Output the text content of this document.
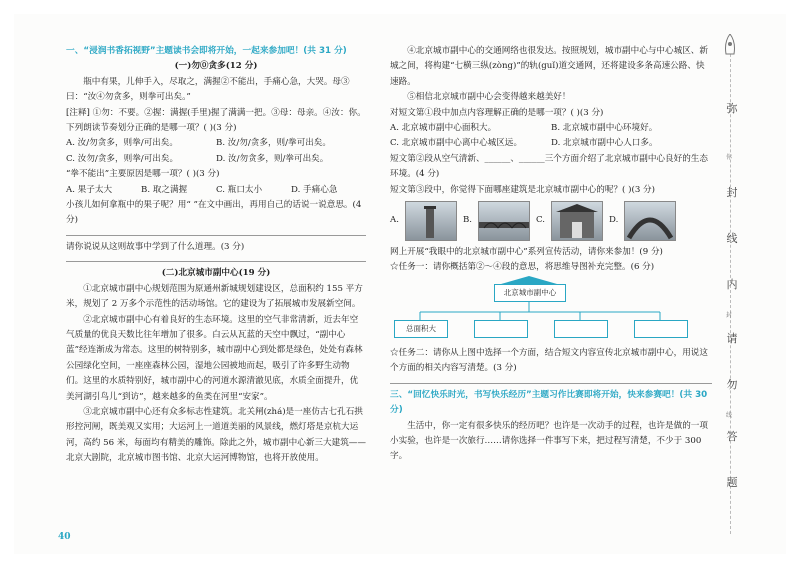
一、“浸润书香拓视野”主题读书会即将开始，一起来参加吧！(共 31 分)

(一)勿⓪贪多(12 分)

瓶中有果，儿伸手入，尽取之，满握②不能出，手痛心急，大哭。母③曰：“汝④勿贪多，则拳可出矣。”

[注释] ①勿：不要。②握：满握(手里)握了满满一把。③母：母亲。④汝：你。

下列朗读节奏划分正确的是哪一项？( )(3 分)

A. 汝/勿贪多，则拳/可出矣。	B. 汝/勿/贪多，则/拳可出矣。
C. 汝勿/贪多，则拳/可出矣。	D. 汝/勿贪多，则/拳可出矣。

“拳不能出”主要原因是哪一项？( )(3 分)

A. 果子太大	B. 取之满握	C. 瓶口太小	D. 手痛心急

小孩儿如何拿瓶中的果子呢？用“ ”在文中画出，再用自己的话说一说意思。(4 分)

请你说说从这则故事中学到了什么道理。(3 分)

(二)北京城市副中心(19 分)

①北京城市副中心规划范围为原通州新城规划建设区，总面积约 155 平方米，规划了 2 万多个示范性的活动场馆。它的建设为了拓展城市发展新空间。

②北京城市副中心有着良好的生态环境。这里的空气非常清新，近去年空气质量的优良天数比往年增加了很多。白云从瓦蓝的天空中飘过，“副中心蓝”经连渐成为常态。这里的树特别多，城市副中心到处都是绿色，处处有森林公园绿化空间，一座座森林公园，湿地公园被地而起，吸引了许多野生动物们。这里的水质特别好，城市副中心的河道水源清澈见底，水质全面提升，优美河湖引鸟儿“到访”，越来越多的鱼类在河里“安家”。

③北京城市副中心还有众多标志性建筑。北关闸(zhá)是一座仿古七孔石拱形控河闸，既美观又实用；大运河上一道道美丽的风景线，燃灯塔是京杭大运河，高约 56 米，每面均有精美的雕饰。除此之外，城市副中心新三大建筑——北京大剧院，北京城市图书馆、北京大运河博物馆，也将开放使用。

④北京城市副中心的交通网络也很发达。按照规划，城市副中心与中心城区、新城之间，将构建“七横三纵(zòng)”的轨(guǐ)道交通网，还将建设多条高速公路、快速路。

⑤相信北京城市副中心会变得越来越美好！

对短文第①段中加点内容理解正确的是哪一项？( )(3 分)

A. 北京城市副中心面积大。	B. 北京城市副中心环境好。
C. 北京城市副中心离中心城区远。	D. 北京城市副中心人口多。

短文第②段从空气清新、______、______三个方面介绍了北京城市副中心良好的生态环境。(4 分)

短文第③段中，你觉得下面哪座建筑是北京城市副中心的呢？( )(3 分)

A.	B.	C.	D.

网上开展“我眼中的北京城市副中心”系列宣传活动，请你来参加！(9 分)

☆任务一：请你概括第②～④段的意思，将思维导图补充完整。(6 分)

北京城市副中心
总面积大

☆任务二：请你从上图中选择一个方面，结合短文内容宣传北京城市副中心，用说这个方面的相关内容写清楚。(3 分)

三、“回忆快乐时光，书写快乐经历”主题习作比赛即将开始，快来参赛吧！(共 30 分)

生活中，你一定有很多快乐的经历吧？也许是一次动手的过程，也许是做的一项小实验，也许是一次旅行……请你选择一件事写下来，把过程写清楚，不少于 300 字。

40
弥
你
封
线
内
封
请
勿
线
答
题
